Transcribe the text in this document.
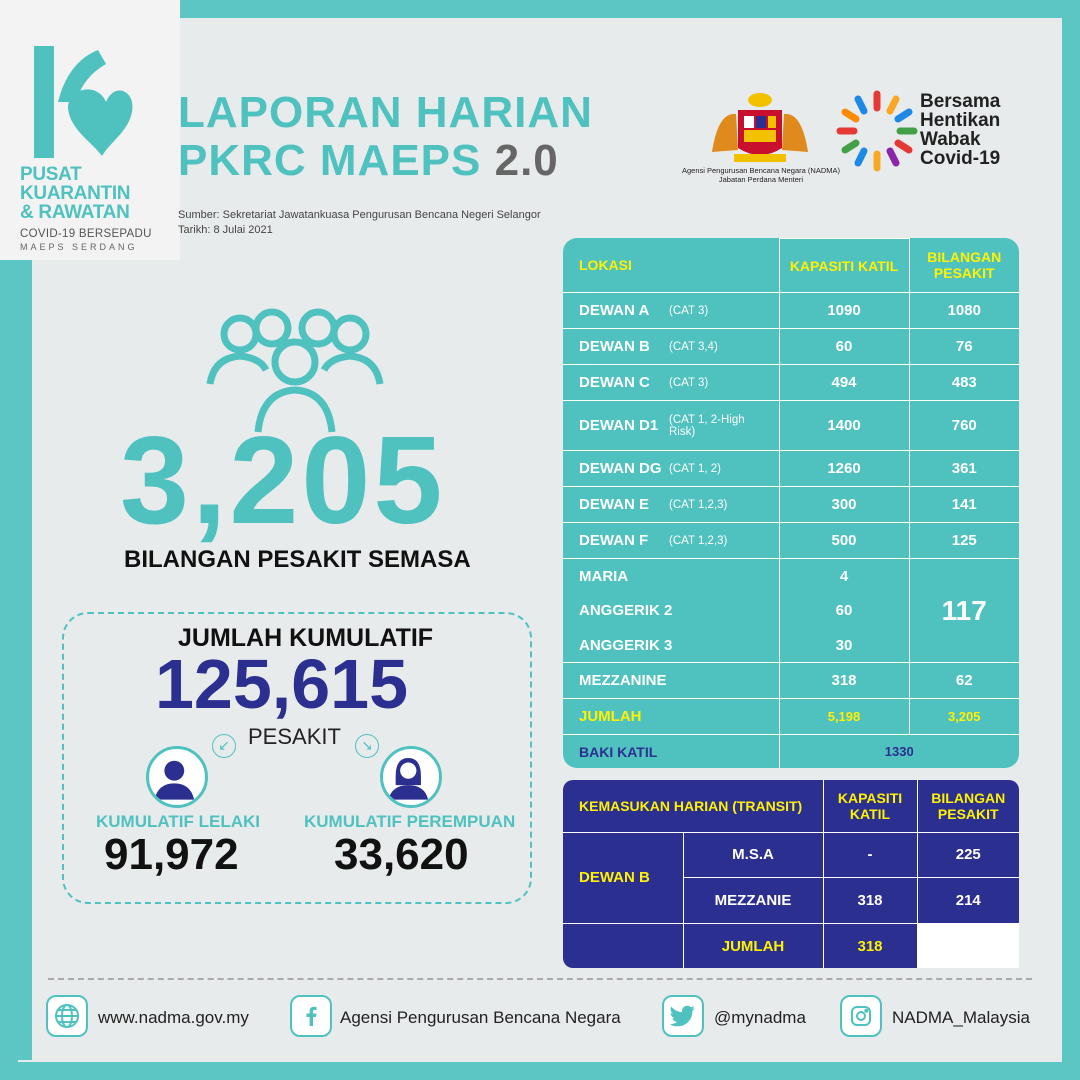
PUSAT
KUARANTIN
& RAWATAN
COVID-19 BERSEPADU
MAEPS SERDANG
LAPORAN HARIAN
PKRC MAEPS 2.0
Sumber: Sekretariat Jawatankuasa Pengurusan Bencana Negeri Selangor
Tarikh: 8 Julai 2021
Agensi Pengurusan Bencana Negara (NADMA)
Jabatan Perdana Menteri
Bersama
Hentikan
Wabak
Covid-19
3,205
BILANGAN PESAKIT SEMASA
JUMLAH KUMULATIF
125,615
PESAKIT
↙	↘
KUMULATIF LELAKI
91,972
KUMULATIF PEREMPUAN
33,620
LOKASI		KAPASITI KATIL	BILANGAN PESAKIT
DEWAN A	(CAT 3)	1090	1080
DEWAN B	(CAT 3,4)	60	76
DEWAN C	(CAT 3)	494	483
DEWAN D1	(CAT 1, 2-High Risk)	1400	760
DEWAN DG	(CAT 1, 2)	1260	361
DEWAN E	(CAT 1,2,3)	300	141
DEWAN F	(CAT 1,2,3)	500	125
MARIA		4	117
ANGGERIK 2		60	
ANGGERIK 3		30	
MEZZANINE		318	62
JUMLAH		5,198	3,205
BAKI KATIL		1330	
KEMASUKAN HARIAN (TRANSIT)		KAPASITI KATIL	BILANGAN PESAKIT
DEWAN B	M.S.A	-	225
	MEZZANIE	318	214
	JUMLAH	318	
www.nadma.gov.my	Agensi Pengurusan Bencana Negara	@mynadma	NADMA_Malaysia
